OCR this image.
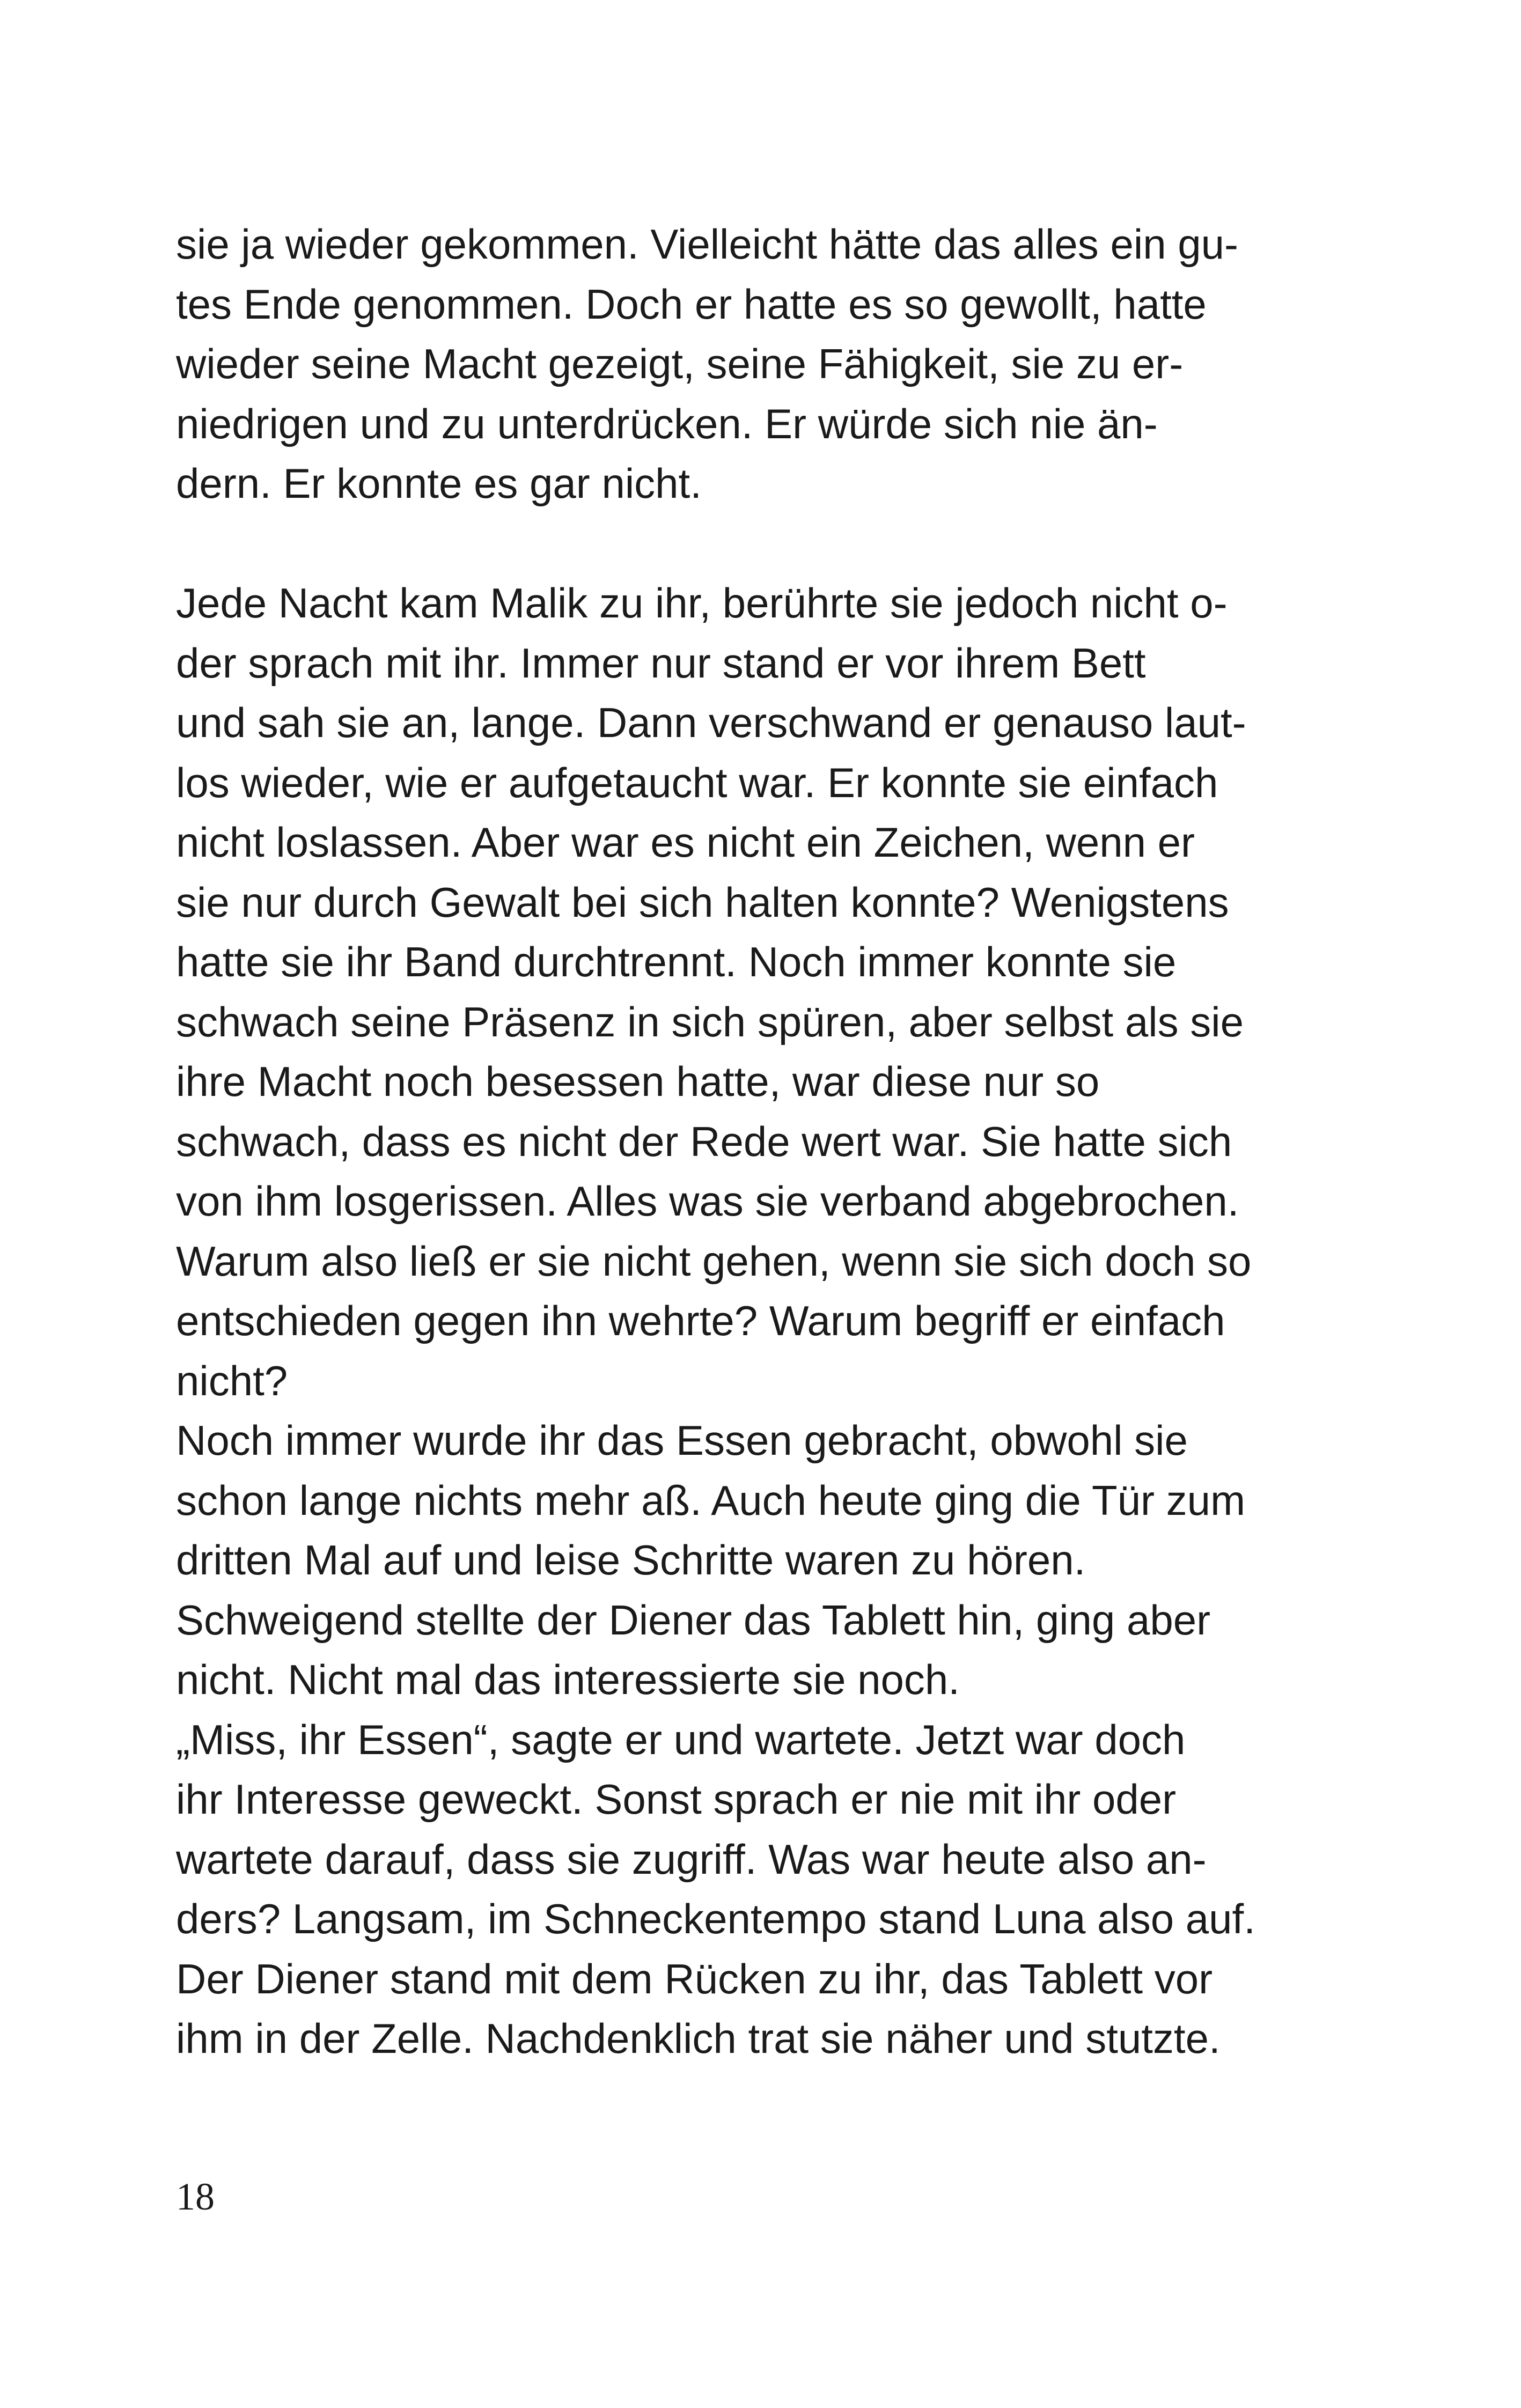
sie ja wieder gekommen. Vielleicht hätte das alles ein gu-
tes Ende genommen. Doch er hatte es so gewollt, hatte
wieder seine Macht gezeigt, seine Fähigkeit, sie zu er-
niedrigen und zu unterdrücken. Er würde sich nie än-
dern. Er konnte es gar nicht.
Jede Nacht kam Malik zu ihr, berührte sie jedoch nicht o-
der sprach mit ihr. Immer nur stand er vor ihrem Bett
und sah sie an, lange. Dann verschwand er genauso laut-
los wieder, wie er aufgetaucht war. Er konnte sie einfach
nicht loslassen. Aber war es nicht ein Zeichen, wenn er
sie nur durch Gewalt bei sich halten konnte? Wenigstens
hatte sie ihr Band durchtrennt. Noch immer konnte sie
schwach seine Präsenz in sich spüren, aber selbst als sie
ihre Macht noch besessen hatte, war diese nur so
schwach, dass es nicht der Rede wert war. Sie hatte sich
von ihm losgerissen. Alles was sie verband abgebrochen.
Warum also ließ er sie nicht gehen, wenn sie sich doch so
entschieden gegen ihn wehrte? Warum begriff er einfach
nicht?
Noch immer wurde ihr das Essen gebracht, obwohl sie
schon lange nichts mehr aß. Auch heute ging die Tür zum
dritten Mal auf und leise Schritte waren zu hören.
Schweigend stellte der Diener das Tablett hin, ging aber
nicht. Nicht mal das interessierte sie noch.
„Miss, ihr Essen“, sagte er und wartete. Jetzt war doch
ihr Interesse geweckt. Sonst sprach er nie mit ihr oder
wartete darauf, dass sie zugriff. Was war heute also an-
ders? Langsam, im Schneckentempo stand Luna also auf.
Der Diener stand mit dem Rücken zu ihr, das Tablett vor
ihm in der Zelle. Nachdenklich trat sie näher und stutzte.
18
